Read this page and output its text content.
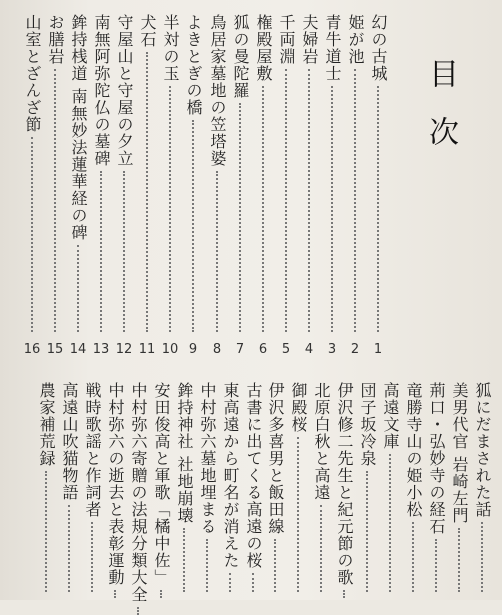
目次
幻の古城
1
姫が池
2
青牛道士
3
夫婦岩
4
千両淵
5
権殿屋敷
6
狐の曼陀羅
7
鳥居家墓地の笠塔婆
8
よきとぎの橋
9
半対の玉
10
犬石
11
守屋山と守屋の夕立
12
南無阿弥陀仏の墓碑
13
鉾持桟道 南無妙法蓮華経の碑
14
お膳岩
15
山室とざんざ節
16
狐にだまされた話
美男代官 岩崎左門
荊口・弘妙寺の経石
竜勝寺山の姫小松
高遠文庫
団子坂冷泉
伊沢修二先生と紀元節の歌
北原白秋と高遠
御殿桜
伊沢多喜男と飯田線
古書に出てくる高遠の桜
東高遠から町名が消えた
中村弥六墓地埋まる
鉾持神社 社地崩壊
安田俊高と軍歌「橘中佐」
中村弥六寄贈の法規分類大全
中村弥六の逝去と表彰運動
戦時歌謡と作詞者
高遠山吹猫物語
農家補荒録
